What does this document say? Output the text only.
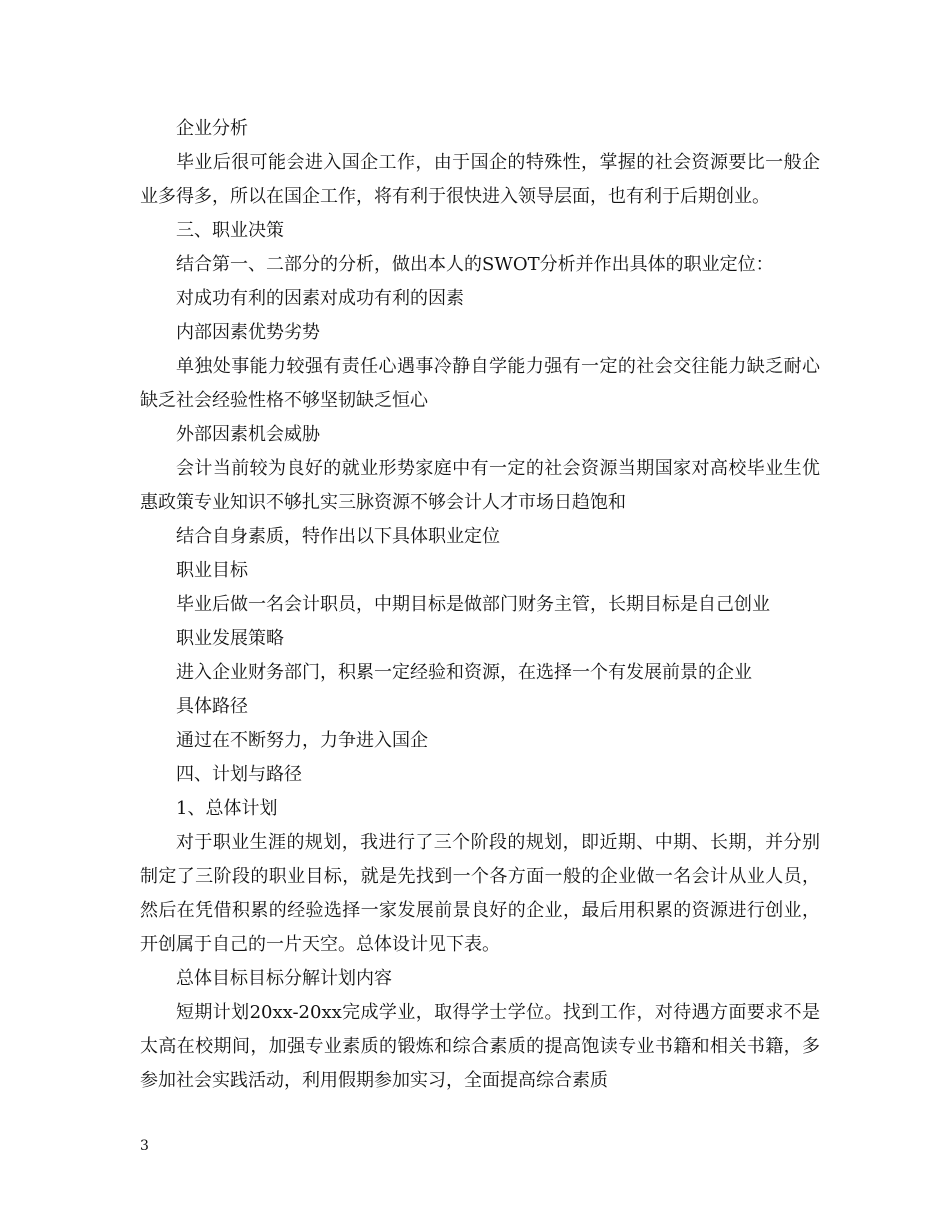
企业分析

毕业后很可能会进入国企工作，由于国企的特殊性，掌握的社会资源要比一般企业多得多，所以在国企工作，将有利于很快进入领导层面，也有利于后期创业。

三、职业决策

结合第一、二部分的分析，做出本人的SWOT分析并作出具体的职业定位：

对成功有利的因素对成功有利的因素

内部因素优势劣势

单独处事能力较强有责任心遇事冷静自学能力强有一定的社会交往能力缺乏耐心缺乏社会经验性格不够坚韧缺乏恒心

外部因素机会威胁

会计当前较为良好的就业形势家庭中有一定的社会资源当期国家对高校毕业生优惠政策专业知识不够扎实三脉资源不够会计人才市场日趋饱和

结合自身素质，特作出以下具体职业定位

职业目标

毕业后做一名会计职员，中期目标是做部门财务主管，长期目标是自己创业

职业发展策略

进入企业财务部门，积累一定经验和资源，在选择一个有发展前景的企业

具体路径

通过在不断努力，力争进入国企

四、计划与路径

1、总体计划

对于职业生涯的规划，我进行了三个阶段的规划，即近期、中期、长期，并分别制定了三阶段的职业目标，就是先找到一个各方面一般的企业做一名会计从业人员，然后在凭借积累的经验选择一家发展前景良好的企业，最后用积累的资源进行创业，开创属于自己的一片天空。总体设计见下表。

总体目标目标分解计划内容

短期计划20xx-20xx完成学业，取得学士学位。找到工作，对待遇方面要求不是太高在校期间，加强专业素质的锻炼和综合素质的提高饱读专业书籍和相关书籍，多参加社会实践活动，利用假期参加实习，全面提高综合素质

3
